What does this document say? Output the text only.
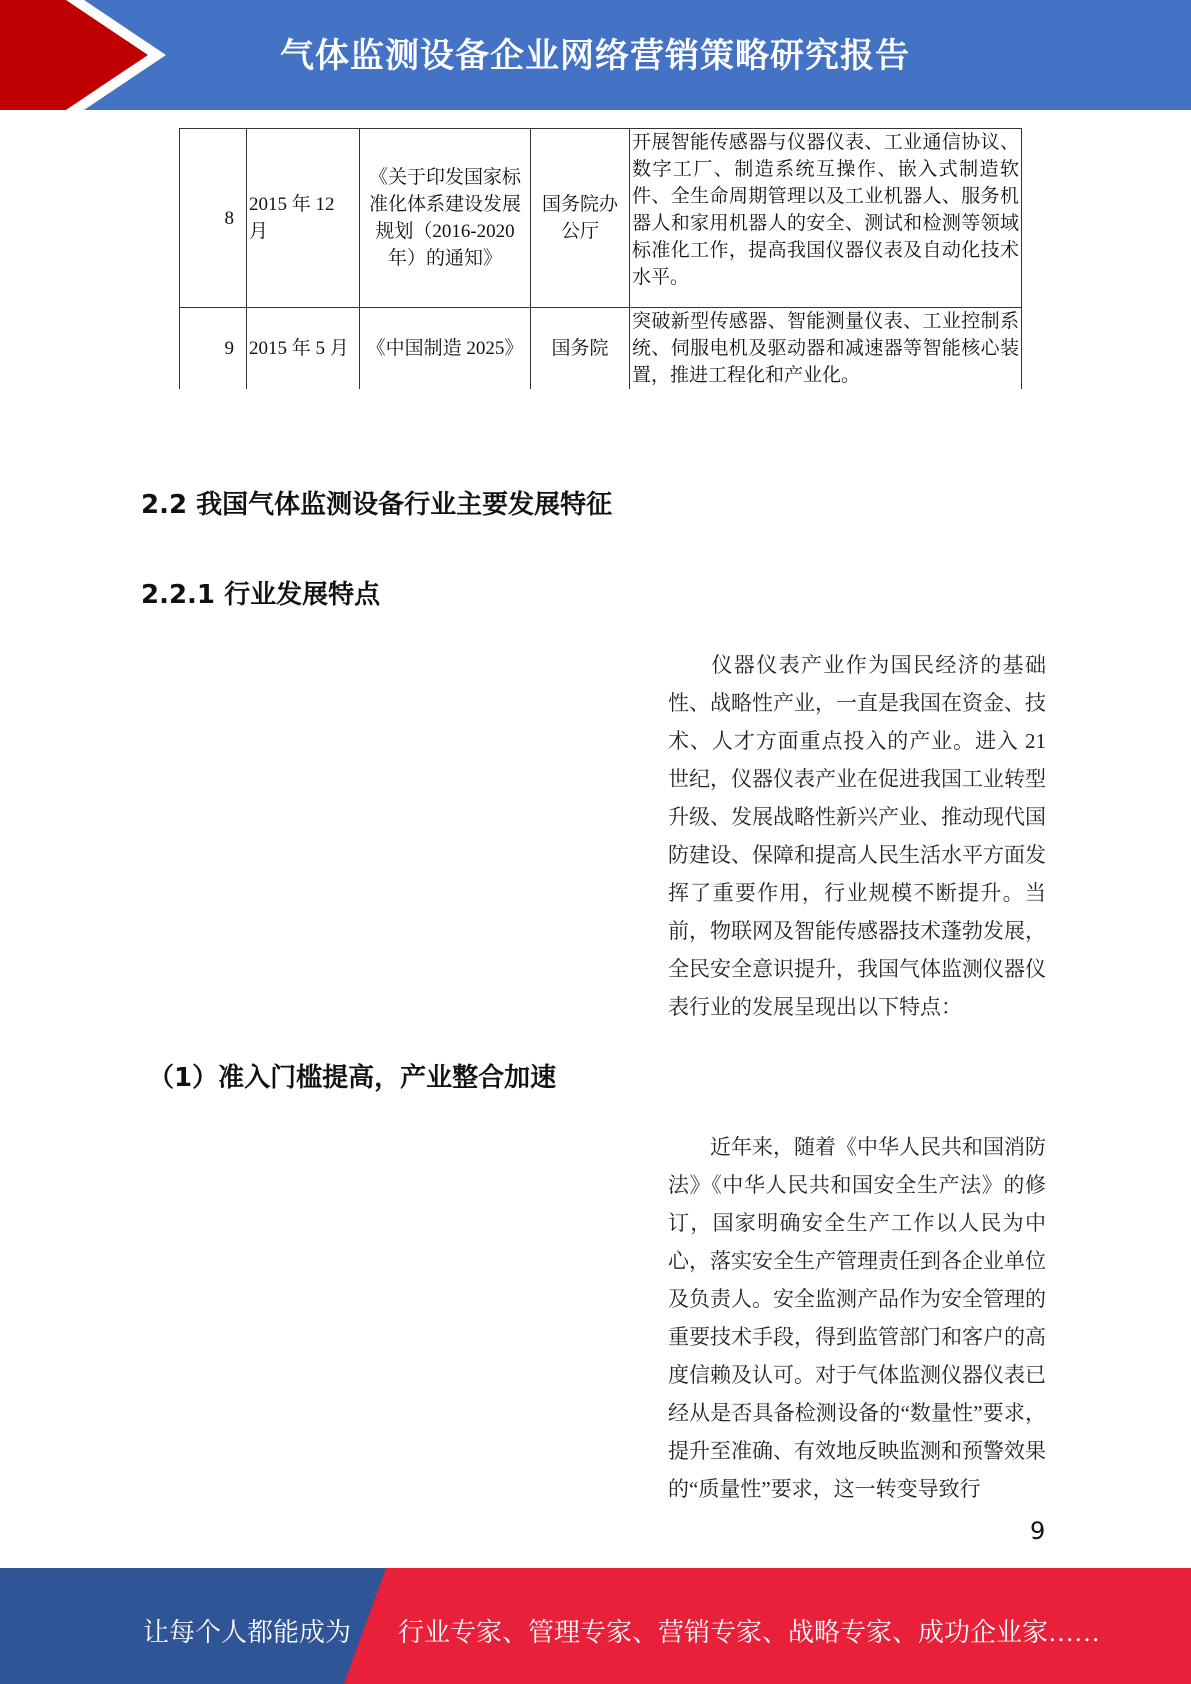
气体监测设备企业网络营销策略研究报告
8	2015 年 12 月	《关于印发国家标准化体系建设发展规划（2016-2020 年）的通知》	国务院办公厅	开展智能传感器与仪器仪表、工业通信协议、数字工厂、制造系统互操作、嵌入式制造软件、全生命周期管理以及工业机器人、服务机器人和家用机器人的安全、测试和检测等领域标准化工作，提高我国仪器仪表及自动化技术水平。
9	2015 年 5 月	《中国制造 2025》	国务院	突破新型传感器、智能测量仪表、工业控制系统、伺服电机及驱动器和减速器等智能核心装置，推进工程化和产业化。
2.2 我国气体监测设备行业主要发展特征
2.2.1 行业发展特点

仪器仪表产业作为国民经济的基础性、战略性产业，一直是我国在资金、技术、人才方面重点投入的产业。进入 21 世纪，仪器仪表产业在促进我国工业转型升级、发展战略性新兴产业、推动现代国防建设、保障和提高人民生活水平方面发挥了重要作用，行业规模不断提升。当前，物联网及智能传感器技术蓬勃发展，全民安全意识提升，我国气体监测仪器仪表行业的发展呈现出以下特点：

（1）准入门槛提高，产业整合加速

近年来，随着《中华人民共和国消防法》《中华人民共和国安全生产法》的修订，国家明确安全生产工作以人民为中心，落实安全生产管理责任到各企业单位及负责人。安全监测产品作为安全管理的重要技术手段，得到监管部门和客户的高度信赖及认可。对于气体监测仪器仪表已经从是否具备检测设备的“数量性”要求，提升至准确、有效地反映监测和预警效果的“质量性”要求，这一转变导致行

9
让每个人都能成为 行业专家、管理专家、营销专家、战略专家、成功企业家……
